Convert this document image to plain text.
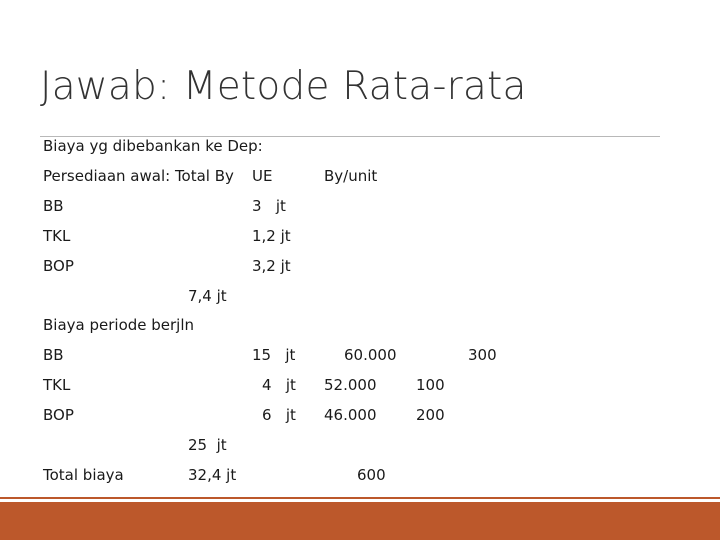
Jawab: Metode Rata-rata
Biaya yg dibebankan ke Dep:
Persediaan awal: Total By UE	By/unit
BB	3   jt
TKL	1,2 jt
BOP	3,2 jt
7,4 jt
Biaya periode berjln
BB	15   jt	60.000	300
TKL	4   jt 52.000	100
BOP	6   jt 46.000	200
25  jt
Total biaya	32,4 jt	600
